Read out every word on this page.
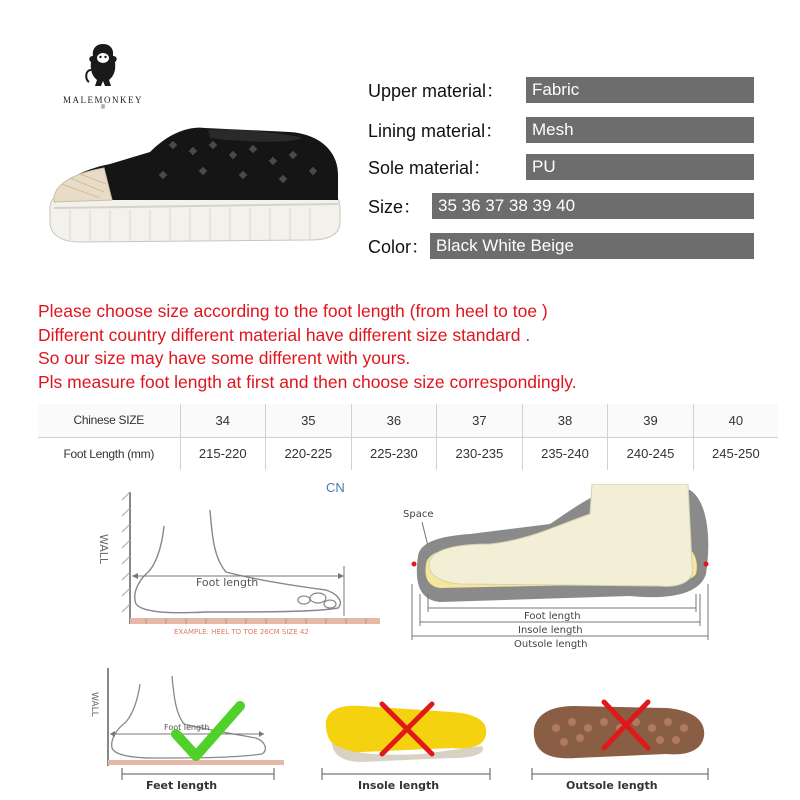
MALEMONKEY
®
Upper material：	Fabric
Lining material：	Mesh
Sole material：	PU
Size： 35 36 37 38 39 40
Color： Black White Beige
Please choose size according to the foot length (from heel to toe )
Different country different material have different size standard .
So our size may have some different with yours.
Pls measure foot length at first and then choose size correspondingly.
Chinese SIZE	34	35	36	37	38	39	40
Foot Length (mm)	215-220	220-225	225-230	230-235	235-240	240-245	245-250
CN
WALL
Foot length
EXAMPLE: HEEL TO TOE 26CM SIZE 42
Space
Foot length
Insole length
Outsole length
WALL
Foot length
Feet length	Insole length	Outsole length
